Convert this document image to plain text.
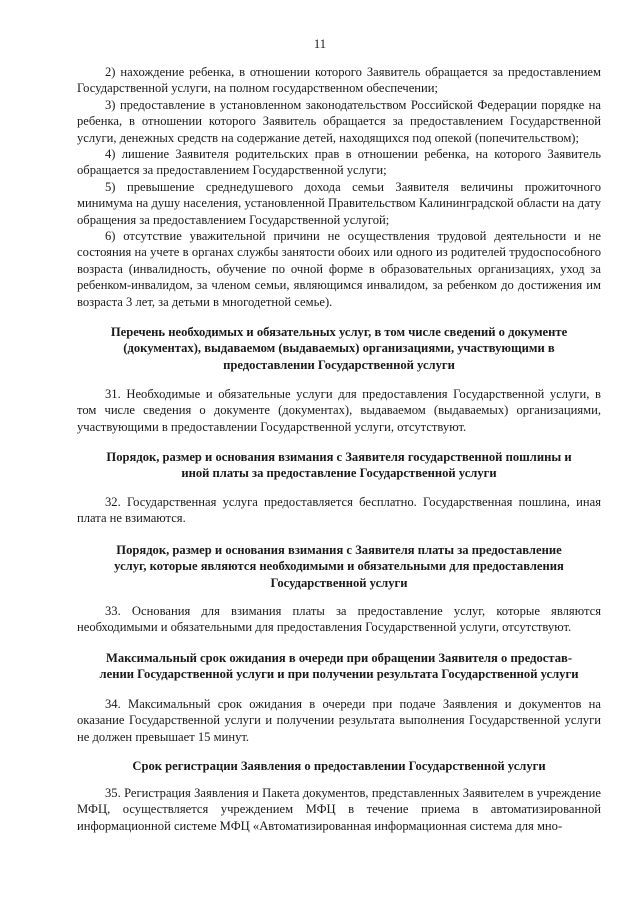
11

2) нахождение ребенка, в отношении которого Заявитель обращается за предоставлением Государственной услуги, на полном государственном обеспечении;

3) предоставление в установленном законодательством Российской Федерации порядке на ребенка, в отношении которого Заявитель обращается за предоставлением Государственной услуги, денежных средств на содержание детей, находящихся под опекой (попечительством);

4) лишение Заявителя родительских прав в отношении ребенка, на которого Заявитель обращается за предоставлением Государственной услуги;

5) превышение среднедушевого дохода семьи Заявителя величины прожиточного минимума на душу населения, установленной Правительством Калининградской области на дату обращения за предоставлением Государственной услугой;

6) отсутствие уважительной причини не осуществления трудовой деятельности и не состояния на учете в органах службы занятости обоих или одного из родителей трудоспособного возраста (инвалидность, обучение по очной форме в образовательных организациях, уход за ребенком-инвалидом, за членом семьи, являющимся инвалидом, за ребенком до достижения им возраста 3 лет, за детьми в многодетной семье).

Перечень необходимых и обязательных услуг, в том числе сведений о документе
(документах), выдаваемом (выдаваемых) организациями, участвующими в
предоставлении Государственной услуги

31. Необходимые и обязательные услуги для предоставления Государственной услуги, в том числе сведения о документе (документах), выдаваемом (выдаваемых) организациями, участвующими в предоставлении Государственной услуги, отсутствуют.

Порядок, размер и основания взимания с Заявителя государственной пошлины и
иной платы за предоставление Государственной услуги

32. Государственная услуга предоставляется бесплатно. Государственная пошлина, иная плата не взимаются.

Порядок, размер и основания взимания с Заявителя платы за предоставление
услуг, которые являются необходимыми и обязательными для предоставления
Государственной услуги

33. Основания для взимания платы за предоставление услуг, которые являются необходимыми и обязательными для предоставления Государственной услуги, отсутствуют.

Максимальный срок ожидания в очереди при обращении Заявителя о предостав-
лении Государственной услуги и при получении результата Государственной услуги

34. Максимальный срок ожидания в очереди при подаче Заявления и документов на оказание Государственной услуги и получении результата выполнения Государственной услуги не должен превышает 15 минут.

Срок регистрации Заявления о предоставлении Государственной услуги

35. Регистрация Заявления и Пакета документов, представленных Заявителем в учреждение МФЦ, осуществляется учреждением МФЦ в течение приема в автоматизированной информационной системе МФЦ «Автоматизированная информационная система для мно-
